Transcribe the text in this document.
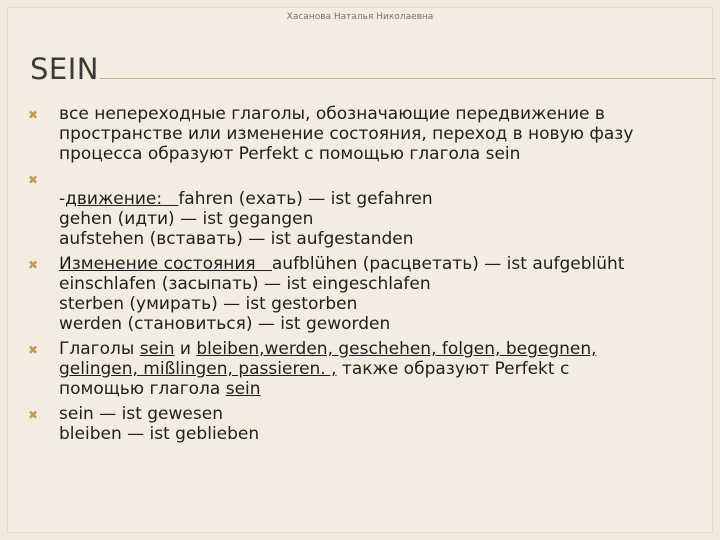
Хасанова Наталья Николаевна
SEIN
✖ все непереходные глаголы, обозначающие передвижение в
пространстве или изменение состояния, переход в новую фазу
процесса образуют Perfekt с помощью глагола sein
✖

-движение: fahren (ехать) — ist gefahren
gehen (идти) — ist gegangen
aufstehen (вставать) — ist aufgestanden
✖ Изменение состояния aufblühen (расцветать) — ist aufgeblüht
einschlafen (засыпать) — ist eingeschlafen
sterben (умирать) — ist gestorben
werden (становиться) — ist geworden
✖ Глаголы sein и bleiben,werden, geschehen, folgen, begegnen,
gelingen, mißlingen, passieren. , также образуют Perfekt с
помощью глагола sein
✖ sein — ist gewesen
bleiben — ist geblieben
